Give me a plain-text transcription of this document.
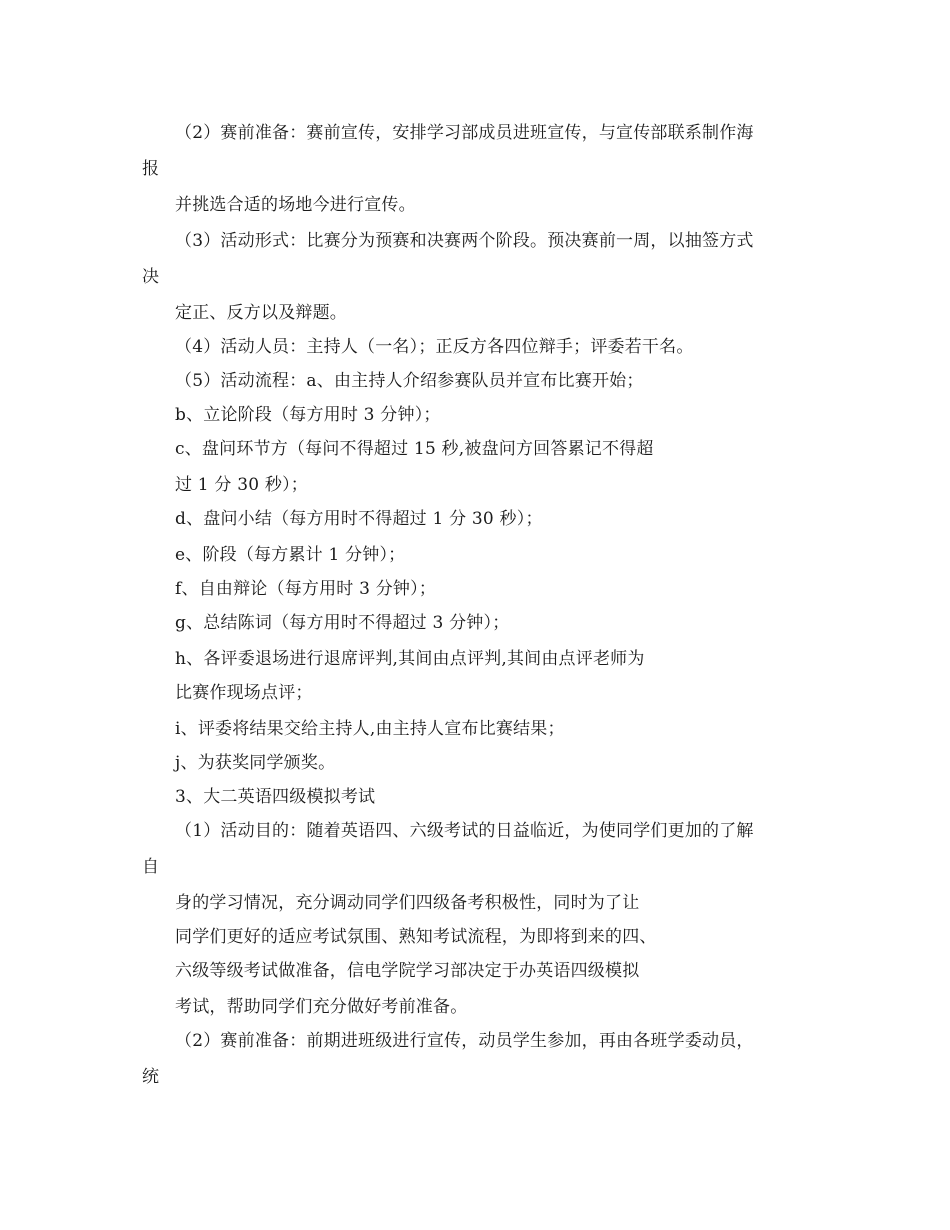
（2）赛前准备：赛前宣传，安排学习部成员进班宣传，与宣传部联系制作海
报
并挑选合适的场地今进行宣传。
（3）活动形式：比赛分为预赛和决赛两个阶段。预决赛前一周，以抽签方式
决
定正、反方以及辩题。
（4）活动人员：主持人（一名）；正反方各四位辩手；评委若干名。
（5）活动流程：a、由主持人介绍参赛队员并宣布比赛开始；
b、立论阶段（每方用时 3 分钟）；
c、盘问环节方（每问不得超过 15 秒,被盘问方回答累记不得超
过 1 分 30 秒）；
d、盘问小结（每方用时不得超过 1 分 30 秒）；
e、阶段（每方累计 1 分钟）；
f、自由辩论（每方用时 3 分钟）；
g、总结陈词（每方用时不得超过 3 分钟）；
h、各评委退场进行退席评判,其间由点评判,其间由点评老师为
比赛作现场点评；
i、评委将结果交给主持人,由主持人宣布比赛结果；
j、为获奖同学颁奖。
3、大二英语四级模拟考试
（1）活动目的：随着英语四、六级考试的日益临近，为使同学们更加的了解
自
身的学习情况，充分调动同学们四级备考积极性，同时为了让
同学们更好的适应考试氛围、熟知考试流程，为即将到来的四、
六级等级考试做准备，信电学院学习部决定于办英语四级模拟
考试，帮助同学们充分做好考前准备。
（2）赛前准备：前期进班级进行宣传，动员学生参加，再由各班学委动员，
统
